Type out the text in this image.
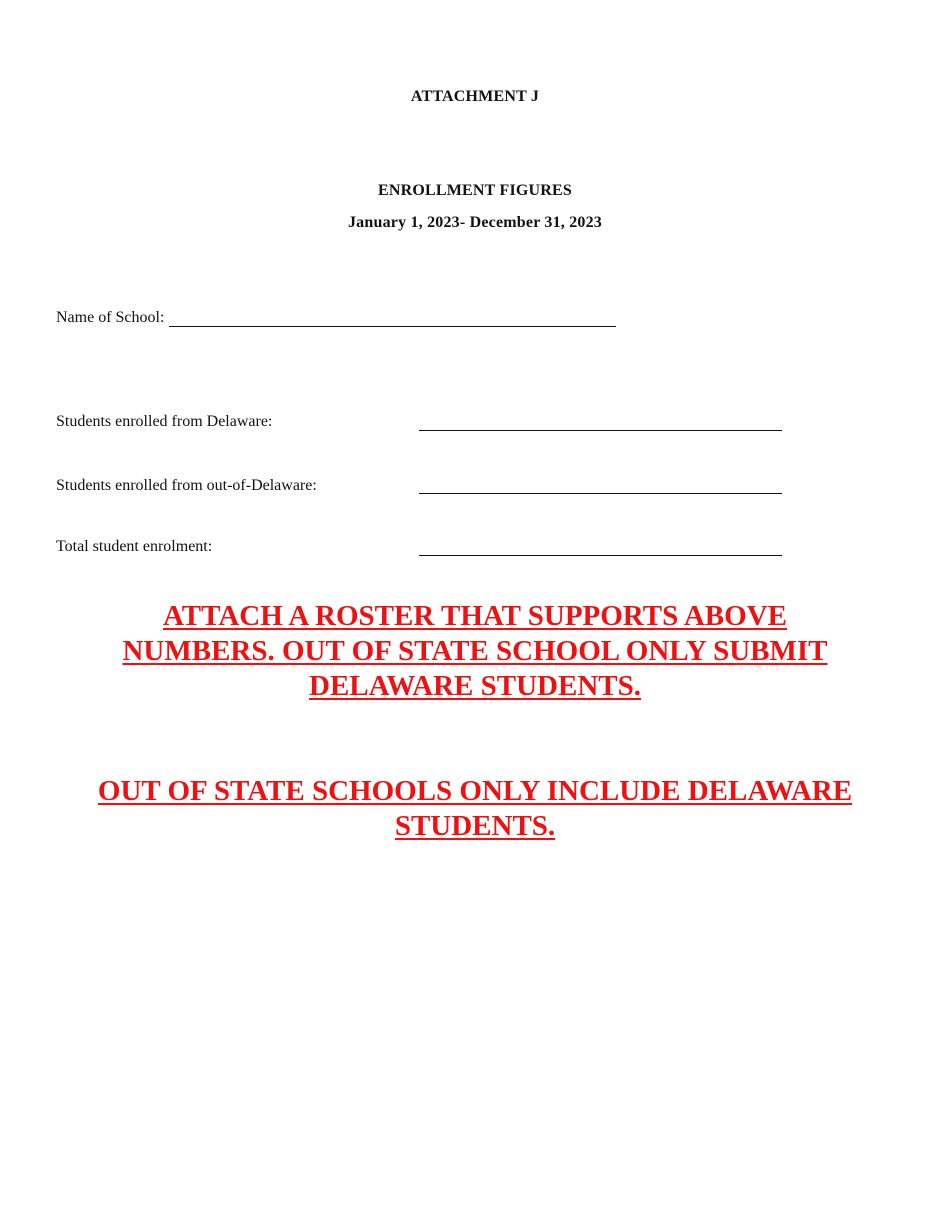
ATTACHMENT J
ENROLLMENT FIGURES
January 1, 2023- December 31, 2023
Name of School:
Students enrolled from Delaware:
Students enrolled from out-of-Delaware:
Total student enrolment:
ATTACH A ROSTER THAT SUPPORTS ABOVE
NUMBERS. OUT OF STATE SCHOOL ONLY SUBMIT
DELAWARE STUDENTS.
OUT OF STATE SCHOOLS ONLY INCLUDE DELAWARE
STUDENTS.
